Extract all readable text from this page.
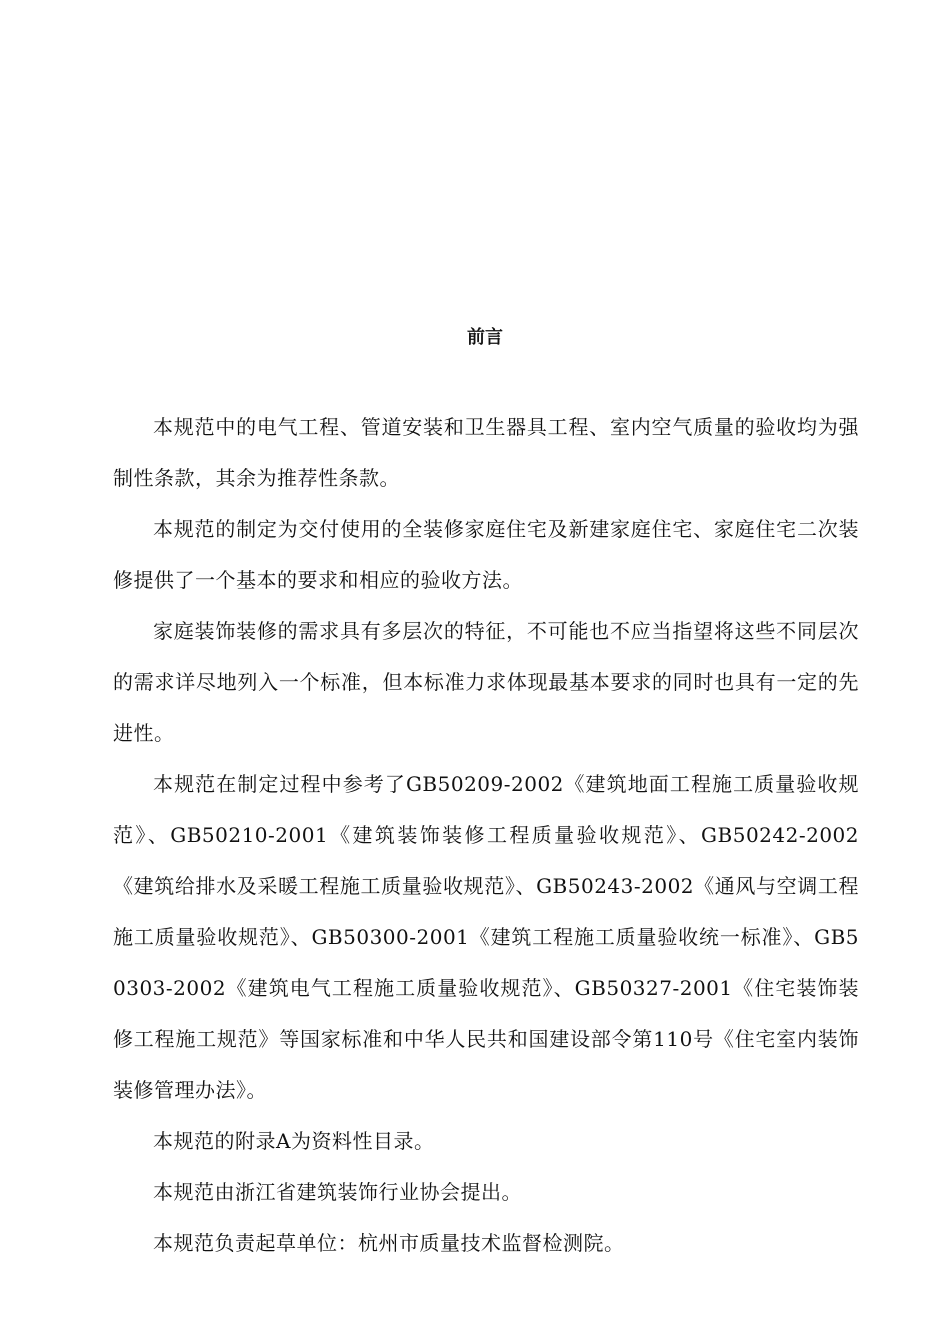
前言

本规范中的电气工程、管道安装和卫生器具工程、室内空气质量的验收均为强制性条款，其余为推荐性条款。

本规范的制定为交付使用的全装修家庭住宅及新建家庭住宅、家庭住宅二次装修提供了一个基本的要求和相应的验收方法。

家庭装饰装修的需求具有多层次的特征，不可能也不应当指望将这些不同层次的需求详尽地列入一个标准，但本标准力求体现最基本要求的同时也具有一定的先进性。

本规范在制定过程中参考了GB50209-2002《建筑地面工程施工质量验收规范》、GB50210-2001《建筑装饰装修工程质量验收规范》、GB50242-2002《建筑给排水及采暖工程施工质量验收规范》、GB50243-2002《通风与空调工程施工质量验收规范》、GB50300-2001《建筑工程施工质量验收统一标准》、GB50303-2002《建筑电气工程施工质量验收规范》、GB50327-2001《住宅装饰装修工程施工规范》等国家标准和中华人民共和国建设部令第110号《住宅室内装饰装修管理办法》。

本规范的附录A为资料性目录。

本规范由浙江省建筑装饰行业协会提出。

本规范负责起草单位：杭州市质量技术监督检测院。
